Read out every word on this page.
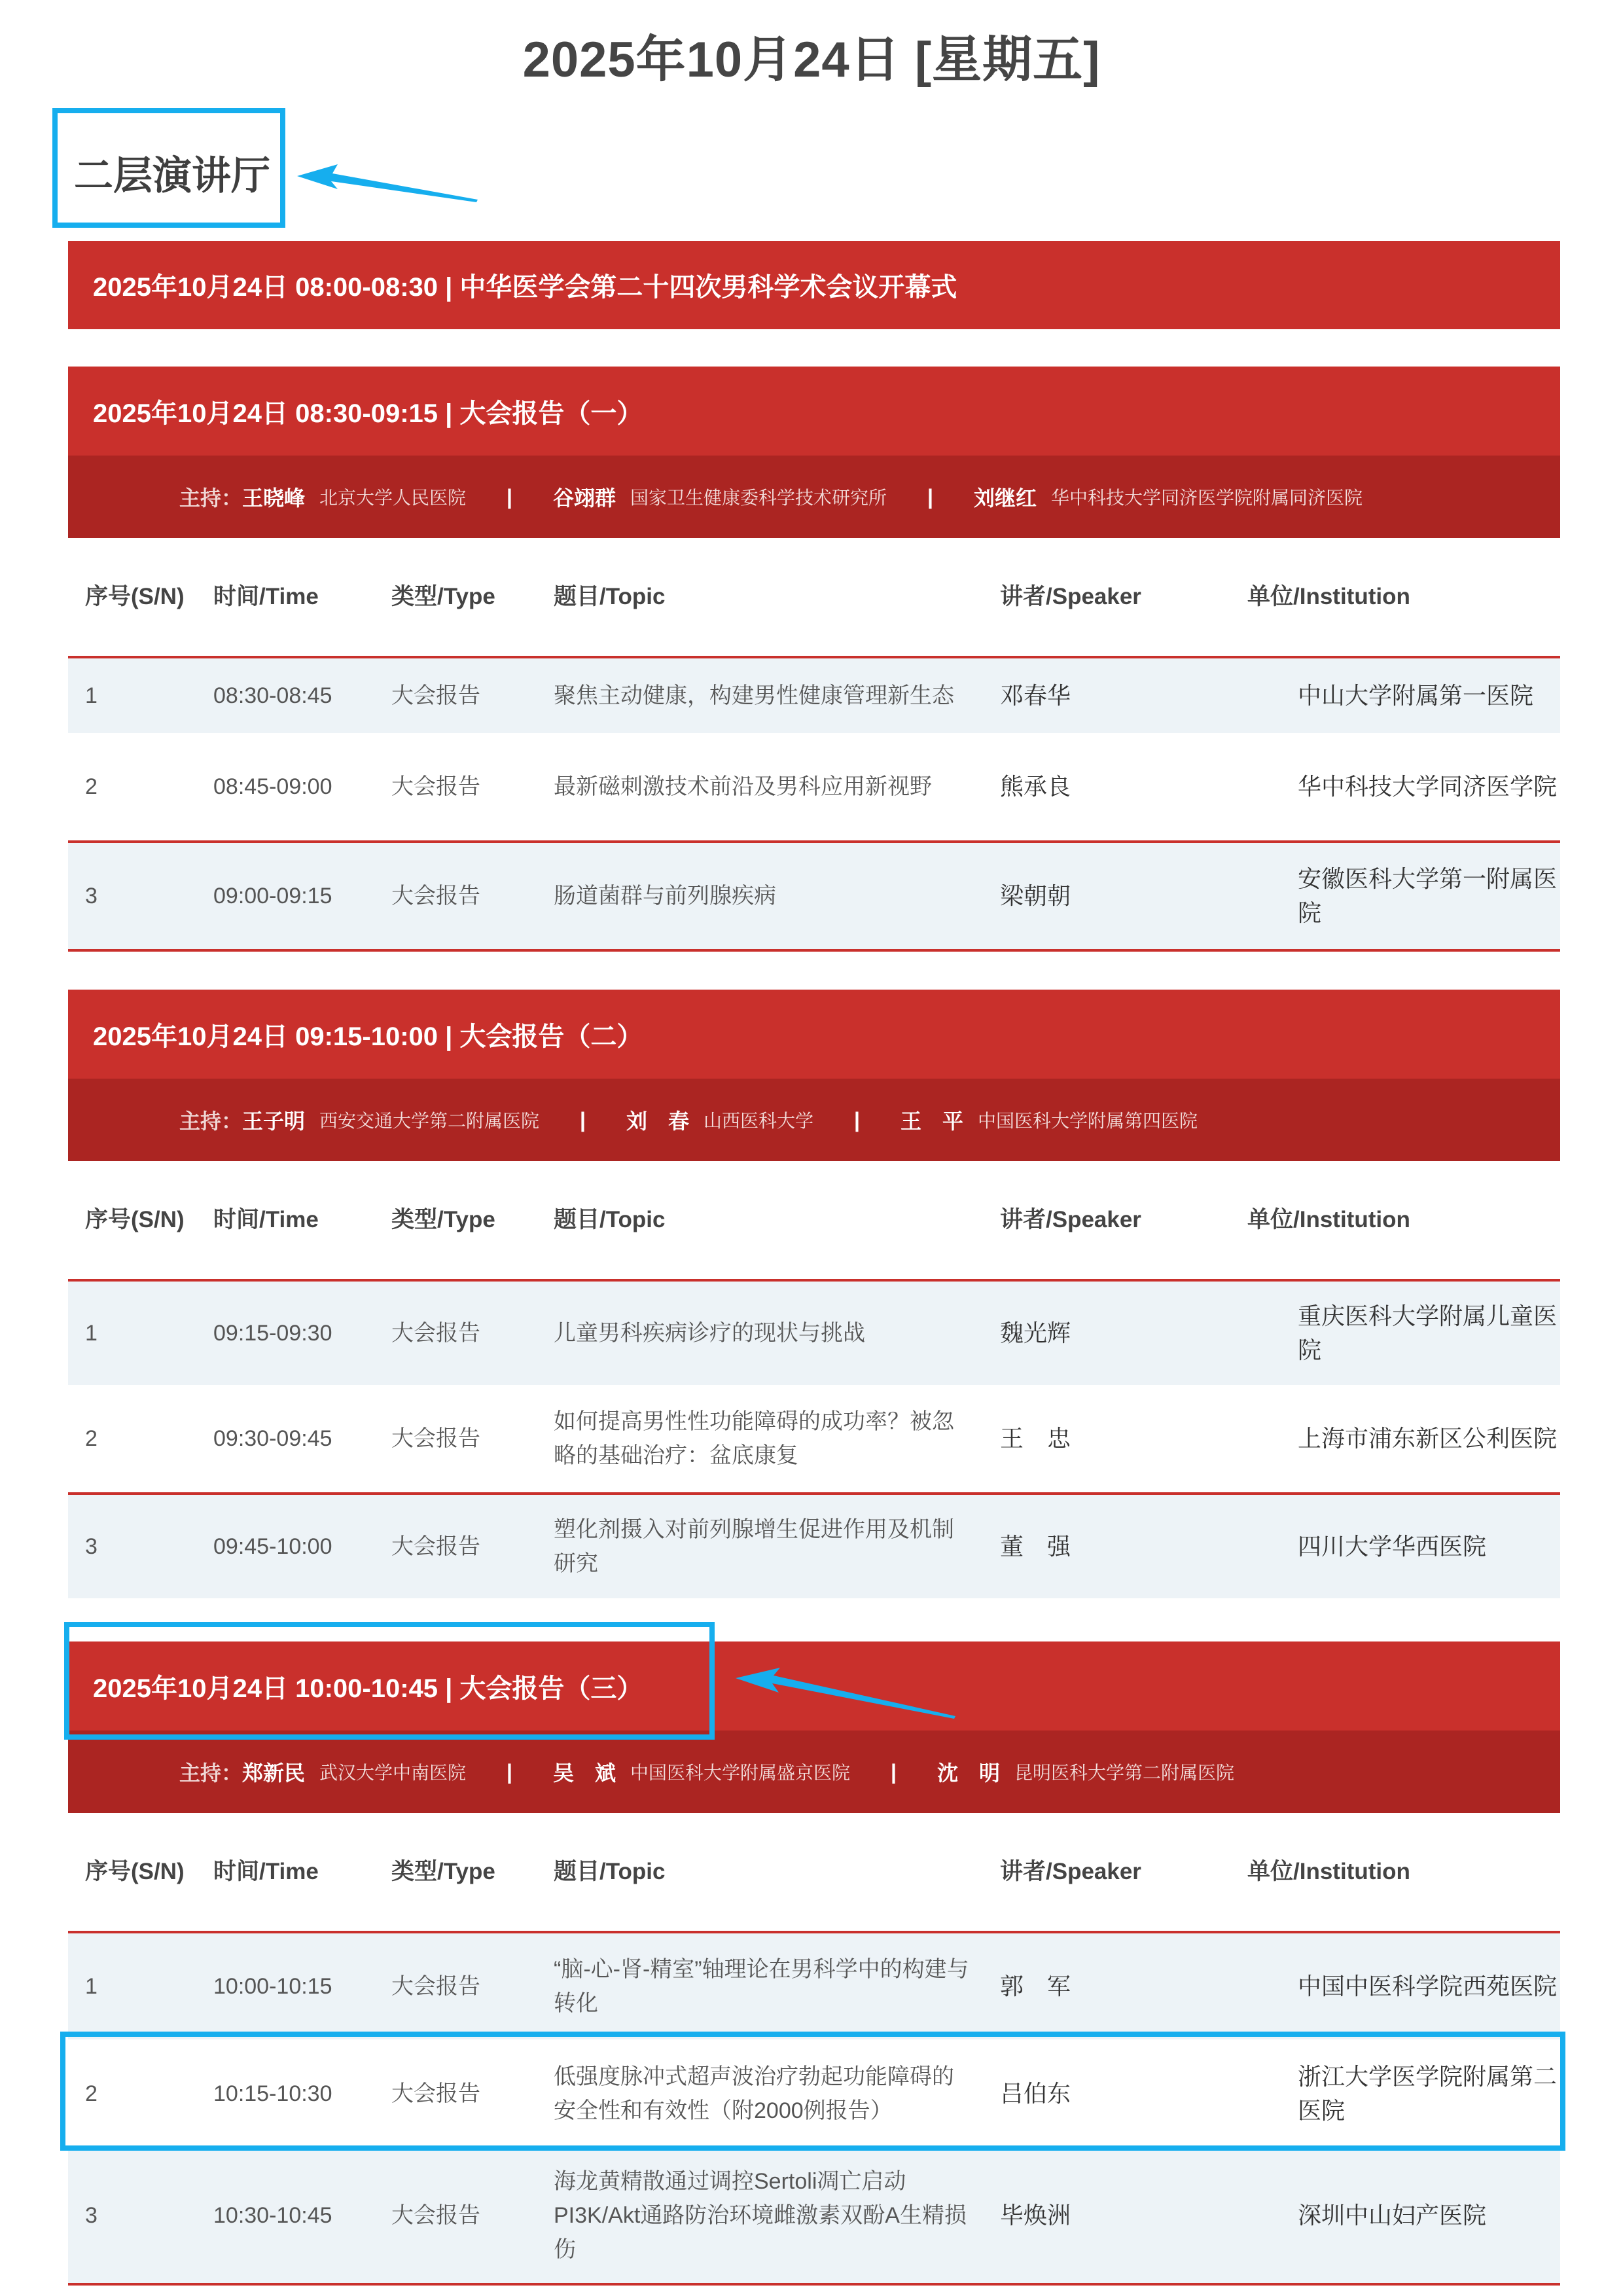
2025年10月24日 [星期五]
二层演讲厅
2025年10月24日 08:00-08:30 | 中华医学会第二十四次男科学术会议开幕式
2025年10月24日 08:30-09:15 | 大会报告（一）
主持： 王晓峰 北京大学人民医院 | 谷翊群 国家卫生健康委科学技术研究所 | 刘继红 华中科技大学同济医学院附属同济医院
序号(S/N)	时间/Time	类型/Type	题目/Topic	讲者/Speaker	单位/Institution
1	08:30-08:45	大会报告	聚焦主动健康，构建男性健康管理新生态	邓春华	中山大学附属第一医院
2	08:45-09:00	大会报告	最新磁刺激技术前沿及男科应用新视野	熊承良	华中科技大学同济医学院
3	09:00-09:15	大会报告	肠道菌群与前列腺疾病	梁朝朝	安徽医科大学第一附属医院
2025年10月24日 09:15-10:00 | 大会报告（二）
主持： 王子明 西安交通大学第二附属医院 | 刘　春 山西医科大学 | 王　平 中国医科大学附属第四医院
序号(S/N)	时间/Time	类型/Type	题目/Topic	讲者/Speaker	单位/Institution
1	09:15-09:30	大会报告	儿童男科疾病诊疗的现状与挑战	魏光辉	重庆医科大学附属儿童医院
2	09:30-09:45	大会报告	如何提高男性性功能障碍的成功率？被忽略的基础治疗：盆底康复	王　忠	上海市浦东新区公利医院
3	09:45-10:00	大会报告	塑化剂摄入对前列腺增生促进作用及机制研究	董　强	四川大学华西医院
2025年10月24日 10:00-10:45 | 大会报告（三）
主持： 郑新民 武汉大学中南医院 | 吴　斌 中国医科大学附属盛京医院 | 沈　明 昆明医科大学第二附属医院
序号(S/N)	时间/Time	类型/Type	题目/Topic	讲者/Speaker	单位/Institution
1	10:00-10:15	大会报告	“脑-心-肾-精室”轴理论在男科学中的构建与转化	郭　军	中国中医科学院西苑医院
2	10:15-10:30	大会报告	低强度脉冲式超声波治疗勃起功能障碍的安全性和有效性（附2000例报告）	吕伯东	浙江大学医学院附属第二医院
3	10:30-10:45	大会报告	海龙黄精散通过调控Sertoli凋亡启动PI3K/Akt通路防治环境雌激素双酚A生精损伤	毕焕洲	深圳中山妇产医院
